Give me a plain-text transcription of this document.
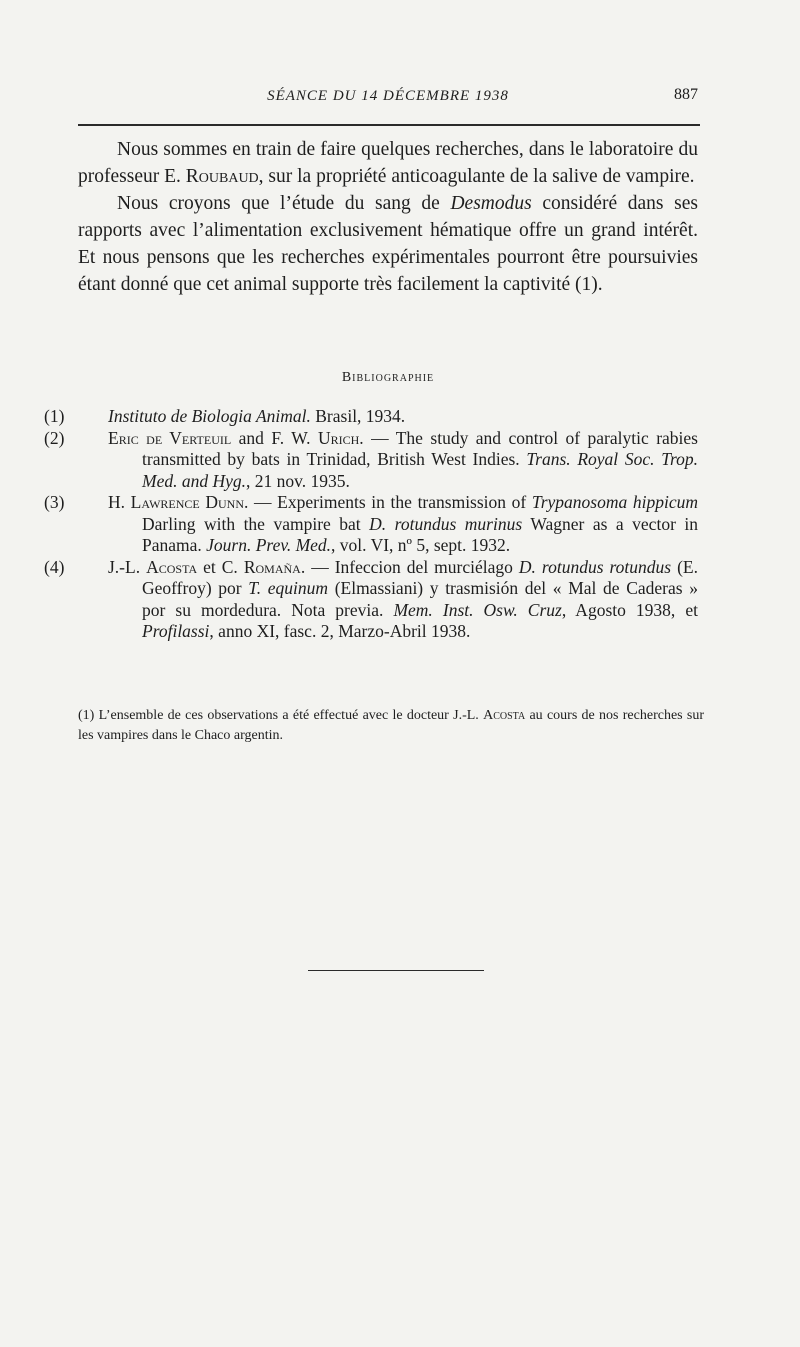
SÉANCE DU 14 DÉCEMBRE 1938	887

Nous sommes en train de faire quelques recherches, dans le laboratoire du professeur E. Roubaud, sur la propriété anticoagulante de la salive de vampire.

Nous croyons que l’étude du sang de Desmodus considéré dans ses rapports avec l’alimentation exclusivement hématique offre un grand intérêt. Et nous pensons que les recherches expérimentales pourront être poursuivies étant donné que cet animal supporte très facilement la captivité (1).

Bibliographie

(1)	Instituto de Biologia Animal. Brasil, 1934.

(2)	Eric de Verteuil and F. W. Urich. — The study and control of paralytic rabies transmitted by bats in Trinidad, British West Indies. Trans. Royal Soc. Trop. Med. and Hyg., 21 nov. 1935.

(3)	H. Lawrence Dunn. — Experiments in the transmission of Trypanosoma hippicum Darling with the vampire bat D. rotundus murinus Wagner as a vector in Panama. Journ. Prev. Med., vol. VI, nº 5, sept. 1932.

(4)	J.-L. Acosta et C. Romaña. — Infeccion del murciélago D. rotundus rotundus (E. Geoffroy) por T. equinum (Elmassiani) y trasmisión del « Mal de Caderas » por su mordedura. Nota previa. Mem. Inst. Osw. Cruz, Agosto 1938, et Profilassi, anno XI, fasc. 2, Marzo-Abril 1938.

(1) L’ensemble de ces observations a été effectué avec le docteur J.-L. Acosta au cours de nos recherches sur les vampires dans le Chaco argentin.
